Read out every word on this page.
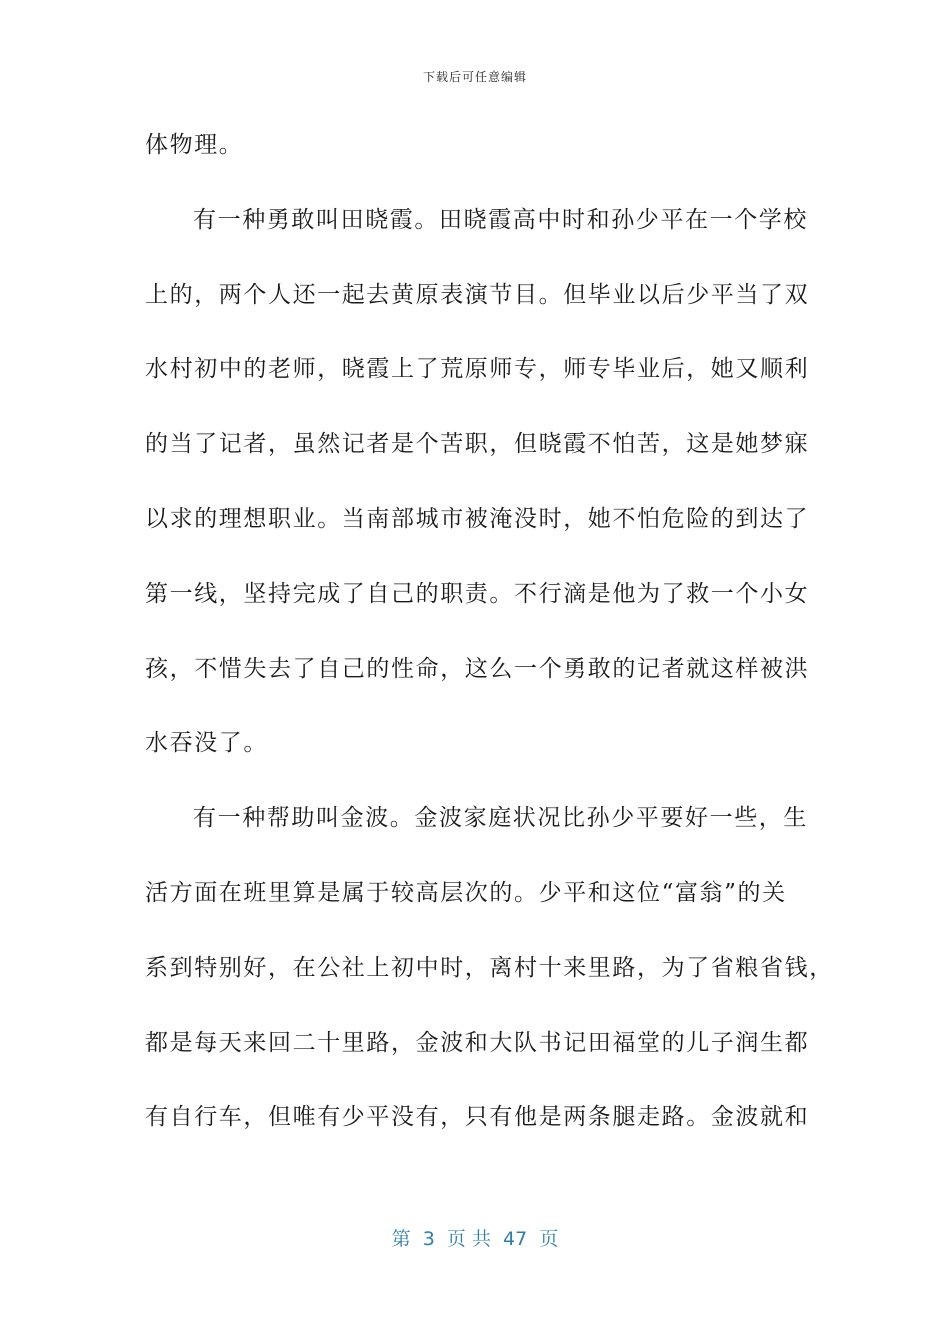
下载后可任意编辑
体物理。
有一种勇敢叫田晓霞。田晓霞高中时和孙少平在一个学校
上的，两个人还一起去黄原表演节目。但毕业以后少平当了双
水村初中的老师，晓霞上了荒原师专，师专毕业后，她又顺利
的当了记者，虽然记者是个苦职，但晓霞不怕苦，这是她梦寐
以求的理想职业。当南部城市被淹没时，她不怕危险的到达了
第一线，坚持完成了自己的职责。不行滴是他为了救一个小女
孩，不惜失去了自己的性命，这么一个勇敢的记者就这样被洪
水吞没了。
有一种帮助叫金波。金波家庭状况比孙少平要好一些，生
活方面在班里算是属于较高层次的。少平和这位“富翁”的关
系到特别好，在公社上初中时，离村十来里路，为了省粮省钱，
都是每天来回二十里路，金波和大队书记田福堂的儿子润生都
有自行车，但唯有少平没有，只有他是两条腿走路。金波就和
第  3  页 共  47  页
